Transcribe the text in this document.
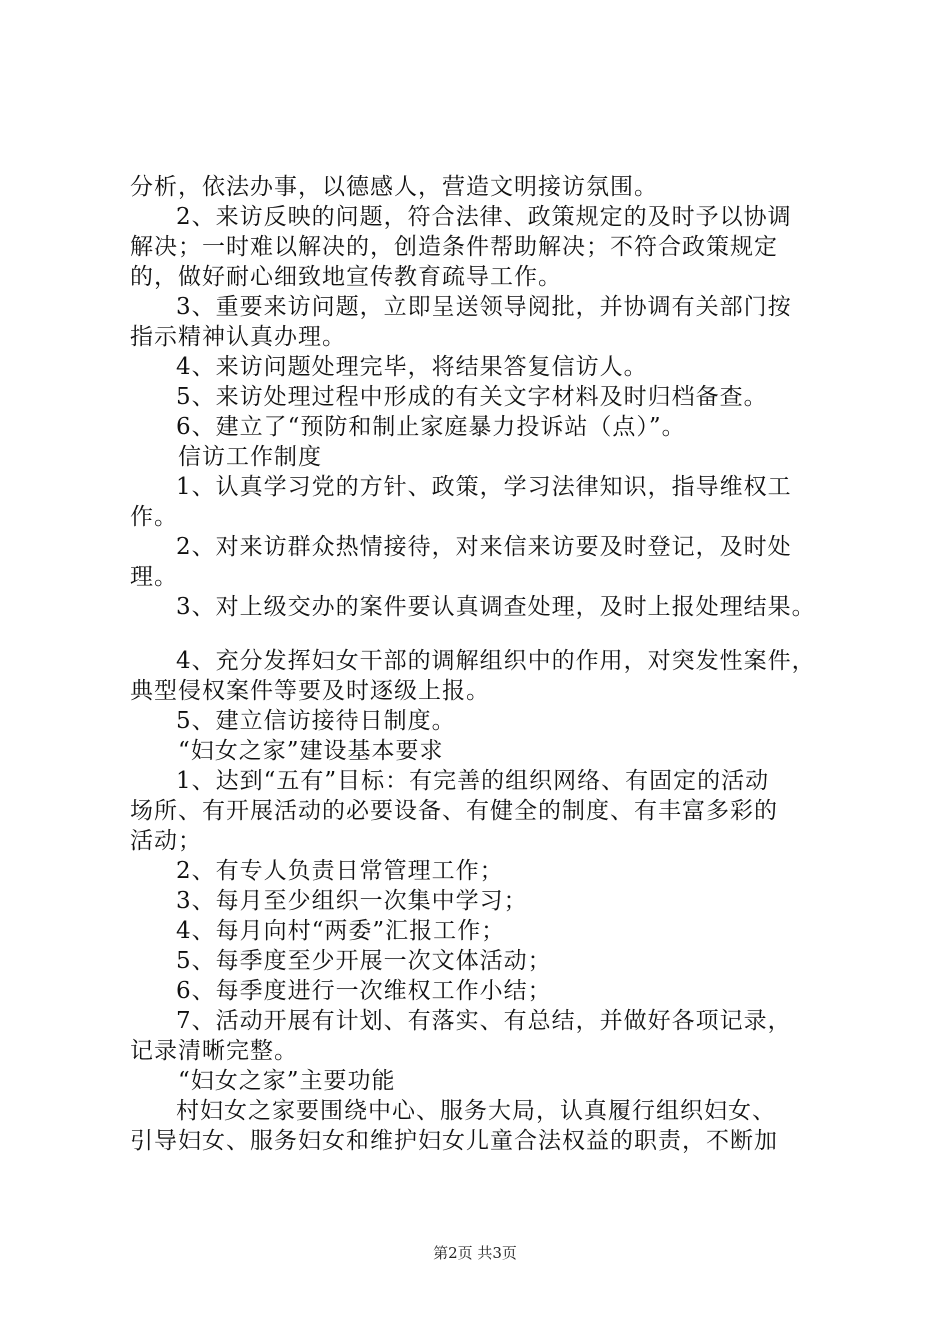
分析，依法办事，以德感人，营造文明接访氛围。
2、来访反映的问题，符合法律、政策规定的及时予以协调
解决；一时难以解决的，创造条件帮助解决；不符合政策规定
的，做好耐心细致地宣传教育疏导工作。
3、重要来访问题，立即呈送领导阅批，并协调有关部门按
指示精神认真办理。
4、来访问题处理完毕，将结果答复信访人。
5、来访处理过程中形成的有关文字材料及时归档备查。
6、建立了“预防和制止家庭暴力投诉站（点）”。
信访工作制度
1、认真学习党的方针、政策，学习法律知识，指导维权工
作。
2、对来访群众热情接待，对来信来访要及时登记，及时处
理。
3、对上级交办的案件要认真调查处理，及时上报处理结果。
4、充分发挥妇女干部的调解组织中的作用，对突发性案件，
典型侵权案件等要及时逐级上报。
5、建立信访接待日制度。
“妇女之家”建设基本要求
1、达到“五有”目标：有完善的组织网络、有固定的活动
场所、有开展活动的必要设备、有健全的制度、有丰富多彩的
活动；
2、有专人负责日常管理工作；
3、每月至少组织一次集中学习；
4、每月向村“两委”汇报工作；
5、每季度至少开展一次文体活动；
6、每季度进行一次维权工作小结；
7、活动开展有计划、有落实、有总结，并做好各项记录，
记录清晰完整。
“妇女之家”主要功能
村妇女之家要围绕中心、服务大局，认真履行组织妇女、
引导妇女、服务妇女和维护妇女儿童合法权益的职责，不断加
第2页 共3页
